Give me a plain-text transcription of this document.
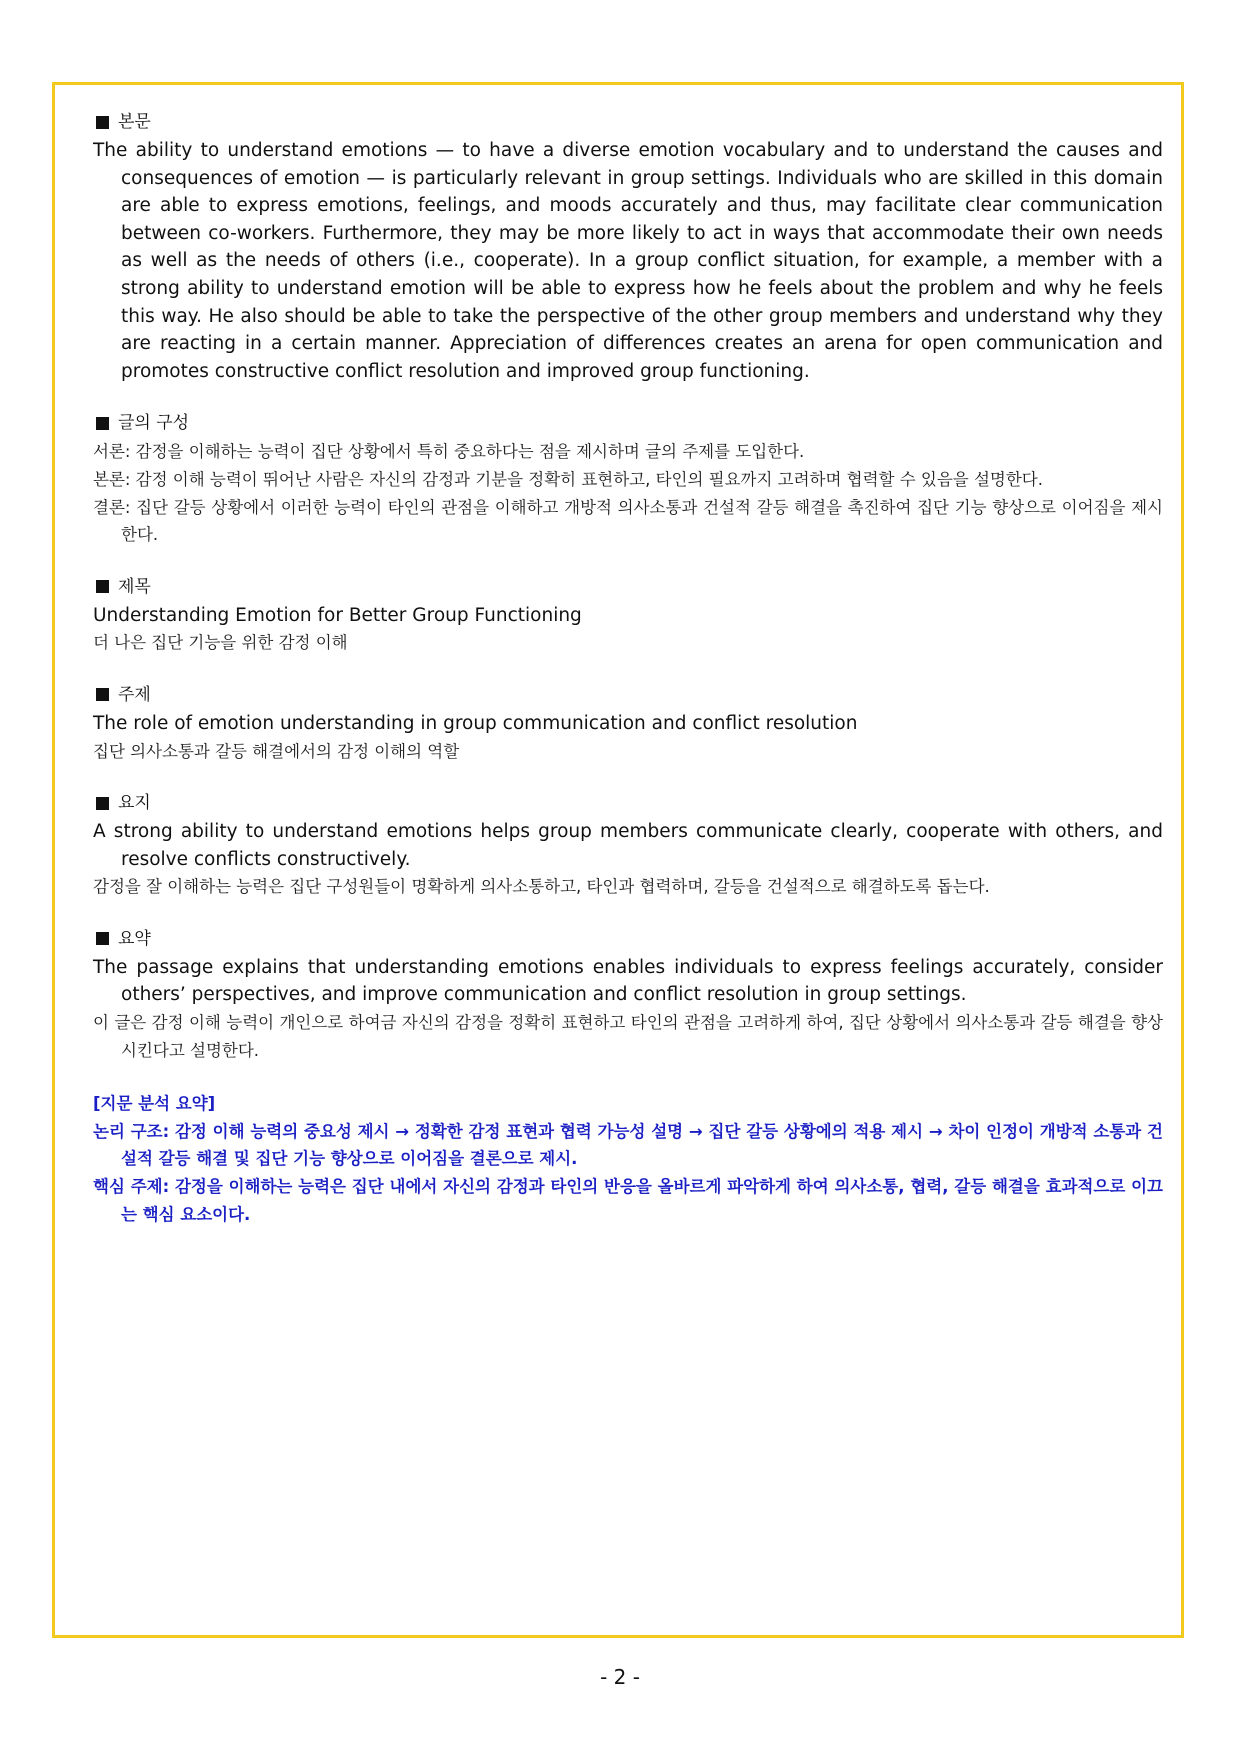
본문

The ability to understand emotions — to have a diverse emotion vocabulary and to understand the causes and consequences of emotion — is particularly relevant in group settings. Individuals who are skilled in this domain are able to express emotions, feelings, and moods accurately and thus, may facilitate clear communication between co-workers. Furthermore, they may be more likely to act in ways that accommodate their own needs as well as the needs of others (i.e., cooperate). In a group conflict situation, for example, a member with a strong ability to understand emotion will be able to express how he feels about the problem and why he feels this way. He also should be able to take the perspective of the other group members and understand why they are reacting in a certain manner. Appreciation of differences creates an arena for open communication and promotes constructive conflict resolution and improved group functioning.

글의 구성

서론: 감정을 이해하는 능력이 집단 상황에서 특히 중요하다는 점을 제시하며 글의 주제를 도입한다.

본론: 감정 이해 능력이 뛰어난 사람은 자신의 감정과 기분을 정확히 표현하고, 타인의 필요까지 고려하며 협력할 수 있음을 설명한다.

결론: 집단 갈등 상황에서 이러한 능력이 타인의 관점을 이해하고 개방적 의사소통과 건설적 갈등 해결을 촉진하여 집단 기능 향상으로 이어짐을 제시한다.

제목

Understanding Emotion for Better Group Functioning

더 나은 집단 기능을 위한 감정 이해

주제

The role of emotion understanding in group communication and conflict resolution

집단 의사소통과 갈등 해결에서의 감정 이해의 역할

요지

A strong ability to understand emotions helps group members communicate clearly, cooperate with others, and resolve conflicts constructively.

감정을 잘 이해하는 능력은 집단 구성원들이 명확하게 의사소통하고, 타인과 협력하며, 갈등을 건설적으로 해결하도록 돕는다.

요약

The passage explains that understanding emotions enables individuals to express feelings accurately, consider others’ perspectives, and improve communication and conflict resolution in group settings.

이 글은 감정 이해 능력이 개인으로 하여금 자신의 감정을 정확히 표현하고 타인의 관점을 고려하게 하여, 집단 상황에서 의사소통과 갈등 해결을 향상시킨다고 설명한다.

[지문 분석 요약]

논리 구조: 감정 이해 능력의 중요성 제시 → 정확한 감정 표현과 협력 가능성 설명 → 집단 갈등 상황에의 적용 제시 → 차이 인정이 개방적 소통과 건설적 갈등 해결 및 집단 기능 향상으로 이어짐을 결론으로 제시.

핵심 주제: 감정을 이해하는 능력은 집단 내에서 자신의 감정과 타인의 반응을 올바르게 파악하게 하여 의사소통, 협력, 갈등 해결을 효과적으로 이끄는 핵심 요소이다.

- 2 -
